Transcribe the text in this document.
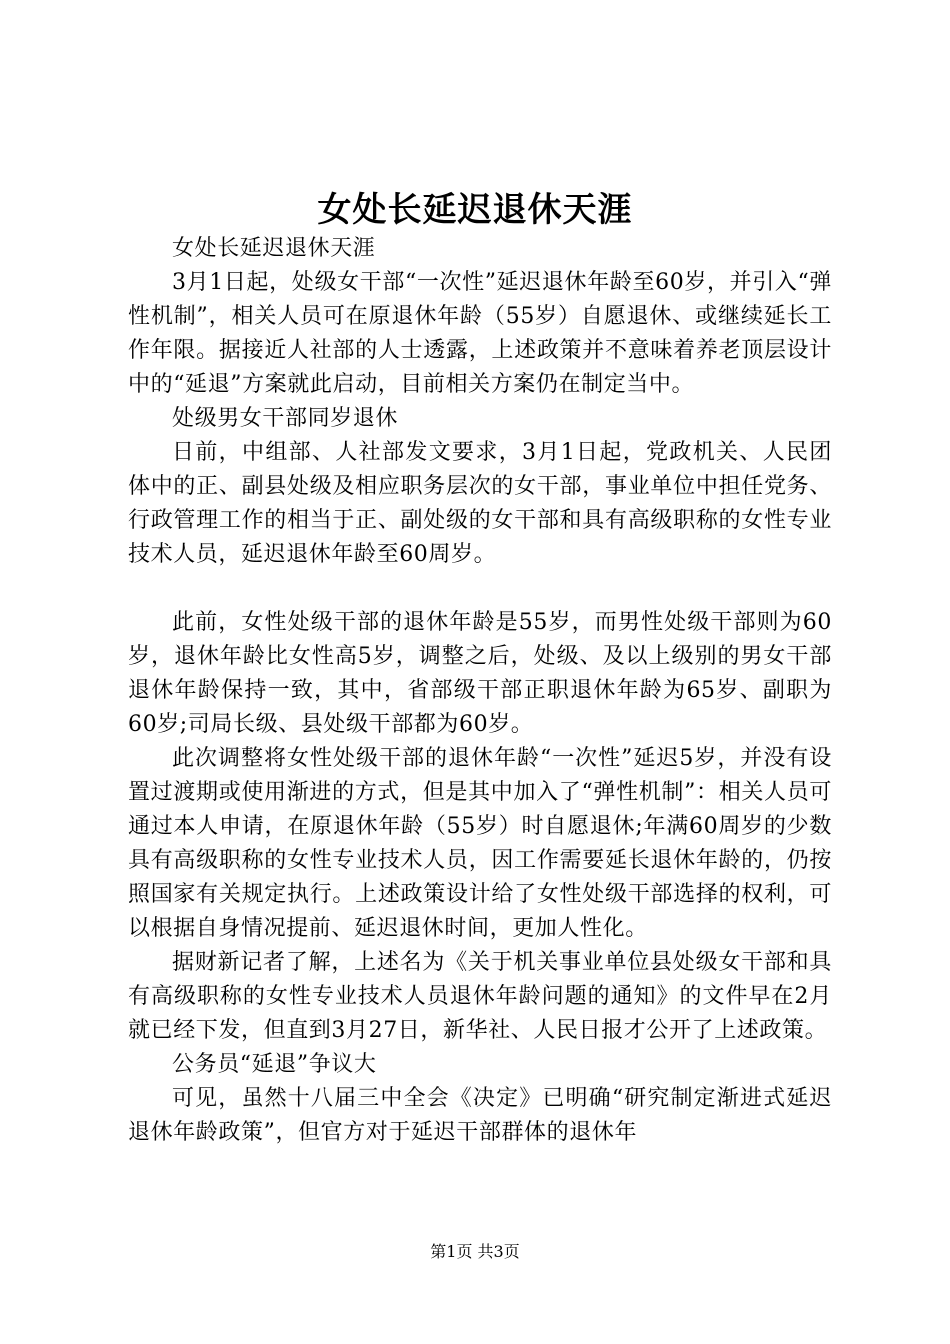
女处长延迟退休天涯

女处长延迟退休天涯

3月1日起，处级女干部“一次性”延迟退休年龄至60岁，并引入“弹性机制”，相关人员可在原退休年龄（55岁）自愿退休、或继续延长工作年限。据接近人社部的人士透露，上述政策并不意味着养老顶层设计中的“延退”方案就此启动，目前相关方案仍在制定当中。

处级男女干部同岁退休

日前，中组部、人社部发文要求，3月1日起，党政机关、人民团体中的正、副县处级及相应职务层次的女干部，事业单位中担任党务、行政管理工作的相当于正、副处级的女干部和具有高级职称的女性专业技术人员，延迟退休年龄至60周岁。

此前，女性处级干部的退休年龄是55岁，而男性处级干部则为60岁，退休年龄比女性高5岁，调整之后，处级、及以上级别的男女干部退休年龄保持一致，其中，省部级干部正职退休年龄为65岁、副职为60岁;司局长级、县处级干部都为60岁。

此次调整将女性处级干部的退休年龄“一次性”延迟5岁，并没有设置过渡期或使用渐进的方式，但是其中加入了“弹性机制”：相关人员可通过本人申请，在原退休年龄（55岁）时自愿退休;年满60周岁的少数具有高级职称的女性专业技术人员，因工作需要延长退休年龄的，仍按照国家有关规定执行。上述政策设计给了女性处级干部选择的权利，可以根据自身情况提前、延迟退休时间，更加人性化。

据财新记者了解，上述名为《关于机关事业单位县处级女干部和具有高级职称的女性专业技术人员退休年龄问题的通知》的文件早在2月就已经下发，但直到3月27日，新华社、人民日报才公开了上述政策。

公务员“延退”争议大

可见，虽然十八届三中全会《决定》已明确“研究制定渐进式延迟退休年龄政策”，但官方对于延迟干部群体的退休年

第1页 共3页
